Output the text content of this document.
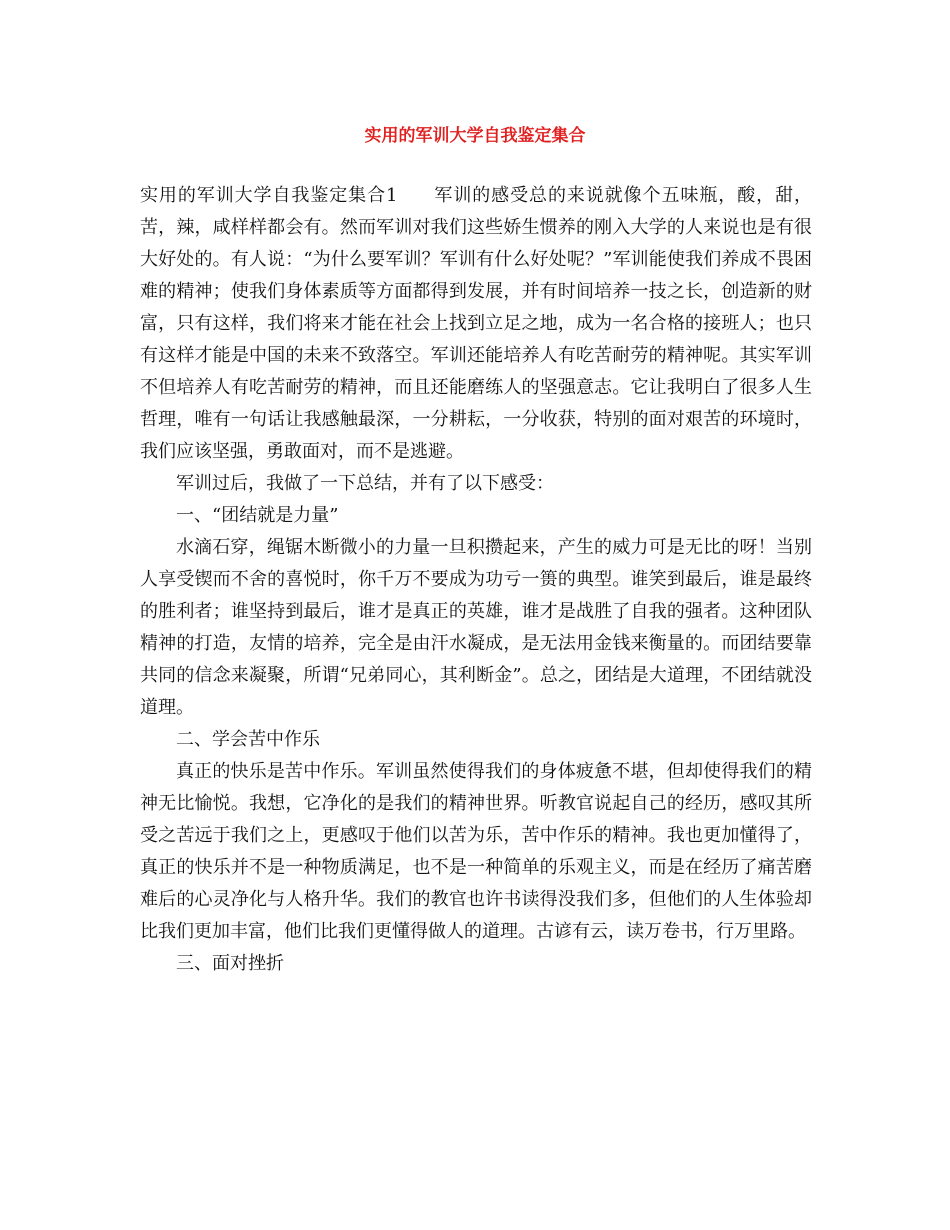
实用的军训大学自我鉴定集合

实用的军训大学自我鉴定集合1 军训的感受总的来说就像个五味瓶，酸，甜，苦，辣，咸样样都会有。然而军训对我们这些娇生惯养的刚入大学的人来说也是有很大好处的。有人说：“为什么要军训？军训有什么好处呢？”军训能使我们养成不畏困难的精神；使我们身体素质等方面都得到发展，并有时间培养一技之长，创造新的财富，只有这样，我们将来才能在社会上找到立足之地，成为一名合格的接班人；也只有这样才能是中国的未来不致落空。军训还能培养人有吃苦耐劳的精神呢。其实军训不但培养人有吃苦耐劳的精神，而且还能磨练人的坚强意志。它让我明白了很多人生哲理，唯有一句话让我感触最深，一分耕耘，一分收获，特别的面对艰苦的环境时，我们应该坚强，勇敢面对，而不是逃避。

军训过后，我做了一下总结，并有了以下感受：

一、“团结就是力量”

水滴石穿，绳锯木断微小的力量一旦积攒起来，产生的威力可是无比的呀！当别人享受锲而不舍的喜悦时，你千万不要成为功亏一篑的典型。谁笑到最后，谁是最终的胜利者；谁坚持到最后，谁才是真正的英雄，谁才是战胜了自我的强者。这种团队精神的打造，友情的培养，完全是由汗水凝成，是无法用金钱来衡量的。而团结要靠共同的信念来凝聚，所谓“兄弟同心，其利断金”。总之，团结是大道理，不团结就没道理。

二、学会苦中作乐

真正的快乐是苦中作乐。军训虽然使得我们的身体疲惫不堪，但却使得我们的精神无比愉悦。我想，它净化的是我们的精神世界。听教官说起自己的经历，感叹其所受之苦远于我们之上，更感叹于他们以苦为乐，苦中作乐的精神。我也更加懂得了，真正的快乐并不是一种物质满足，也不是一种简单的乐观主义，而是在经历了痛苦磨难后的心灵净化与人格升华。我们的教官也许书读得没我们多，但他们的人生体验却比我们更加丰富，他们比我们更懂得做人的道理。古谚有云，读万卷书，行万里路。

三、面对挫折
